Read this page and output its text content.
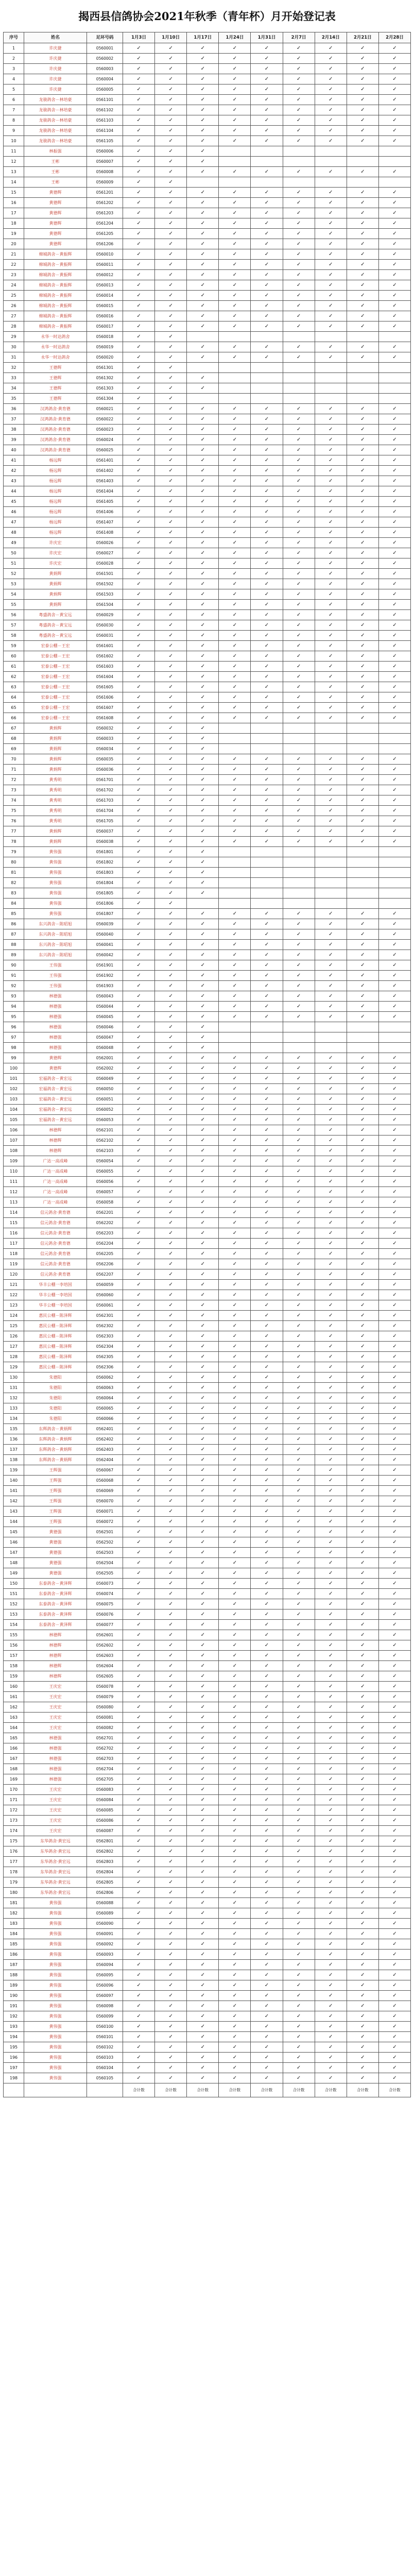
揭西县信鸽协会2021年秋季（青年杯）月开始登记表
序号	姓名	足环号码	1月3日	1月10日	1月17日	1月24日	1月31日	2月7日	2月14日	2月21日	2月28日
1	许庆捷	0560001	✓	✓	✓	✓	✓	✓	✓	✓	✓
2	许庆捷	0560002	✓	✓	✓	✓	✓	✓	✓	✓	✓
3	许庆捷	0560003	✓	✓	✓	✓	✓	✓	✓	✓	✓
4	许庆捷	0560004	✓	✓	✓	✓	✓	✓	✓	✓	✓
5	许庆捷	0560005	✓	✓	✓	✓	✓	✓	✓	✓	✓
6	龙骏鸽舍－林培豪	0561101	✓	✓	✓	✓	✓	✓	✓	✓	✓
7	龙骏鸽舍－林培豪	0561102	✓	✓	✓	✓	✓	✓	✓	✓	✓
8	龙骏鸽舍－林培豪	0561103	✓	✓	✓	✓	✓	✓	✓	✓	✓
9	龙骏鸽舍－林培豪	0561104	✓	✓	✓	✓	✓	✓	✓	✓	✓
10	龙骏鸽舍－林培豪	0561105	✓	✓	✓	✓	✓	✓	✓	✓	✓
11	林振强	0560006	✓	✓	✓						
12	王彬	0560007	✓	✓	✓						
13	王彬	0560008	✓	✓	✓	✓	✓	✓	✓	✓	✓
14	王彬	0560009	✓	✓							
15	黄德辉	0561201	✓	✓	✓	✓	✓	✓	✓	✓	✓
16	黄德辉	0561202	✓	✓	✓	✓	✓	✓	✓	✓	✓
17	黄德辉	0561203	✓	✓	✓	✓	✓	✓	✓	✓	✓
18	黄德辉	0561204	✓	✓	✓	✓	✓	✓	✓	✓	✓
19	黄德辉	0561205	✓	✓	✓	✓	✓	✓	✓	✓	✓
20	黄德辉	0561206	✓	✓	✓	✓	✓	✓	✓	✓	✓
21	棉城鸽舍－黄振辉	0560010	✓	✓	✓	✓	✓	✓	✓	✓	✓
22	棉城鸽舍－黄振辉	0560011	✓	✓	✓	✓	✓	✓	✓	✓	✓
23	棉城鸽舍－黄振辉	0560012	✓	✓	✓	✓	✓	✓	✓	✓	✓
24	棉城鸽舍－黄振辉	0560013	✓	✓	✓	✓	✓	✓	✓	✓	✓
25	棉城鸽舍－黄振辉	0560014	✓	✓	✓	✓	✓	✓	✓	✓	✓
26	棉城鸽舍－黄振辉	0560015	✓	✓	✓	✓	✓	✓	✓	✓	✓
27	棉城鸽舍－黄振辉	0560016	✓	✓	✓	✓	✓	✓	✓	✓	✓
28	棉城鸽舍－黄振辉	0560017	✓	✓	✓	✓	✓	✓	✓	✓	✓
29	永华一时达鸽舍	0560018	✓	✓							
30	永华一时达鸽舍	0560019	✓	✓	✓	✓	✓	✓	✓	✓	✓
31	永华一时达鸽舍	0560020	✓	✓	✓	✓	✓	✓	✓	✓	✓
32	王德辉	0561301	✓	✓							
33	王德辉	0561302	✓	✓	✓						
34	王德辉	0561303	✓	✓	✓						
35	王德辉	0561304	✓	✓							
36	汉鸿鸽舍·黄育德	0560021	✓	✓	✓	✓	✓	✓	✓	✓	✓
37	汉鸿鸽舍·黄育德	0560022	✓	✓	✓	✓	✓	✓	✓	✓	✓
38	汉鸿鸽舍·黄育德	0560023	✓	✓	✓	✓	✓	✓	✓	✓	✓
39	汉鸿鸽舍·黄育德	0560024	✓	✓	✓	✓	✓	✓	✓	✓	✓
40	汉鸿鸽舍·黄育德	0560025	✓	✓	✓	✓	✓	✓	✓	✓	✓
41	杨远辉	0561401	✓	✓	✓	✓	✓	✓	✓	✓	✓
42	杨远辉	0561402	✓	✓	✓	✓	✓	✓	✓	✓	✓
43	杨远辉	0561403	✓	✓	✓	✓	✓	✓	✓	✓	✓
44	杨远辉	0561404	✓	✓	✓	✓	✓	✓	✓	✓	✓
45	杨远辉	0561405	✓	✓	✓	✓	✓	✓	✓	✓	✓
46	杨远辉	0561406	✓	✓	✓	✓	✓	✓	✓	✓	✓
47	杨远辉	0561407	✓	✓	✓	✓	✓	✓	✓	✓	✓
48	杨远辉	0561408	✓	✓	✓	✓	✓	✓	✓	✓	✓
49	许庆宏	0560026	✓	✓	✓	✓	✓	✓	✓	✓	✓
50	许庆宏	0560027	✓	✓	✓	✓	✓	✓	✓	✓	✓
51	许庆宏	0560028	✓	✓	✓	✓	✓	✓	✓	✓	✓
52	黄炳辉	0561501	✓	✓	✓	✓	✓	✓	✓	✓	✓
53	黄炳辉	0561502	✓	✓	✓	✓	✓	✓	✓	✓	✓
54	黄炳辉	0561503	✓	✓	✓	✓	✓	✓	✓	✓	✓
55	黄炳辉	0561504	✓	✓	✓	✓	✓	✓	✓	✓	✓
56	粤盛鸽舍－黄宝远	0560029	✓	✓	✓	✓	✓	✓	✓	✓	✓
57	粤盛鸽舍－黄宝远	0560030	✓	✓	✓	✓	✓	✓	✓	✓	✓
58	粤盛鸽舍－黄宝远	0560031	✓	✓	✓	✓	✓	✓	✓	✓	✓
59	宏泰公棚－王宏	0561601	✓	✓	✓	✓	✓	✓	✓	✓	✓
60	宏泰公棚－王宏	0561602	✓	✓	✓	✓	✓	✓	✓	✓	✓
61	宏泰公棚－王宏	0561603	✓	✓	✓	✓	✓	✓	✓	✓	✓
62	宏泰公棚－王宏	0561604	✓	✓	✓	✓	✓	✓	✓	✓	✓
63	宏泰公棚－王宏	0561605	✓	✓	✓	✓	✓	✓	✓	✓	✓
64	宏泰公棚－王宏	0561606	✓	✓	✓	✓	✓	✓	✓	✓	✓
65	宏泰公棚－王宏	0561607	✓	✓	✓	✓	✓	✓	✓	✓	✓
66	宏泰公棚－王宏	0561608	✓	✓	✓	✓	✓	✓	✓	✓	✓
67	黄炳辉	0560032	✓	✓	✓						
68	黄炳辉	0560033	✓	✓	✓						
69	黄炳辉	0560034	✓	✓	✓						
70	黄炳辉	0560035	✓	✓	✓	✓	✓	✓	✓	✓	✓
71	黄炳辉	0560036	✓	✓	✓	✓	✓	✓	✓	✓	✓
72	黄秀明	0561701	✓	✓	✓	✓	✓	✓	✓	✓	✓
73	黄秀明	0561702	✓	✓	✓	✓	✓	✓	✓	✓	✓
74	黄秀明	0561703	✓	✓	✓	✓	✓	✓	✓	✓	✓
75	黄秀明	0561704	✓	✓	✓	✓	✓	✓	✓	✓	✓
76	黄秀明	0561705	✓	✓	✓	✓	✓	✓	✓	✓	✓
77	黄炳辉	0560037	✓	✓	✓	✓	✓	✓	✓	✓	✓
78	黄炳辉	0560038	✓	✓	✓	✓	✓	✓	✓	✓	✓
79	黄伟强	0561801	✓	✓	✓						
80	黄伟强	0561802	✓	✓	✓						
81	黄伟强	0561803	✓	✓	✓						
82	黄伟强	0561804	✓	✓	✓						
83	黄伟强	0561805	✓	✓	✓						
84	黄伟强	0561806	✓	✓							
85	黄伟强	0561807	✓	✓	✓	✓	✓	✓	✓	✓	✓
86	东兴鸽舍－陈昭旭	0560039	✓	✓	✓	✓	✓	✓	✓	✓	✓
87	东兴鸽舍－陈昭旭	0560040	✓	✓	✓	✓	✓	✓	✓	✓	✓
88	东兴鸽舍－陈昭旭	0560041	✓	✓	✓	✓	✓	✓	✓	✓	✓
89	东兴鸽舍－陈昭旭	0560042	✓	✓	✓	✓	✓	✓	✓	✓	✓
90	王伟强	0561901	✓	✓	✓	✓	✓	✓	✓	✓	✓
91	王伟强	0561902	✓	✓	✓	✓	✓	✓	✓	✓	✓
92	王伟强	0561903	✓	✓	✓	✓	✓	✓	✓	✓	✓
93	林德强	0560043	✓	✓	✓	✓	✓	✓	✓	✓	✓
94	林德强	0560044	✓	✓	✓	✓	✓	✓	✓	✓	✓
95	林德强	0560045	✓	✓	✓	✓	✓	✓	✓	✓	✓
96	林德强	0560046	✓	✓	✓						
97	林德强	0560047	✓	✓	✓						
98	林德强	0560048	✓	✓	✓						
99	黄德辉	0562001	✓	✓	✓	✓	✓	✓	✓	✓	✓
100	黄德辉	0562002	✓	✓	✓	✓	✓	✓	✓	✓	✓
101	宏福鸽舍－黄宏远	0560049	✓	✓	✓	✓	✓	✓	✓	✓	✓
102	宏福鸽舍－黄宏远	0560050	✓	✓	✓	✓	✓	✓	✓	✓	✓
103	宏福鸽舍－黄宏远	0560051	✓	✓	✓	✓	✓	✓	✓	✓	✓
104	宏福鸽舍－黄宏远	0560052	✓	✓	✓	✓	✓	✓	✓	✓	✓
105	宏福鸽舍－黄宏远	0560053	✓	✓	✓	✓	✓	✓	✓	✓	✓
106	林德辉	0562101	✓	✓	✓	✓	✓	✓	✓	✓	✓
107	林德辉	0562102	✓	✓	✓	✓	✓	✓	✓	✓	✓
108	林德辉	0562103	✓	✓	✓	✓	✓	✓	✓	✓	✓
109	广达一高成峰	0560054	✓	✓	✓	✓	✓	✓	✓	✓	✓
110	广达一高成峰	0560055	✓	✓	✓	✓	✓	✓	✓	✓	✓
111	广达一高成峰	0560056	✓	✓	✓	✓	✓	✓	✓	✓	✓
112	广达一高成峰	0560057	✓	✓	✓	✓	✓	✓	✓	✓	✓
113	广达一高成峰	0560058	✓	✓	✓	✓	✓	✓	✓	✓	✓
114	信元鸽舍·黄育德	0562201	✓	✓	✓	✓	✓	✓	✓	✓	✓
115	信元鸽舍·黄育德	0562202	✓	✓	✓	✓	✓	✓	✓	✓	✓
116	信元鸽舍·黄育德	0562203	✓	✓	✓	✓	✓	✓	✓	✓	✓
117	信元鸽舍·黄育德	0562204	✓	✓	✓	✓	✓	✓	✓	✓	✓
118	信元鸽舍·黄育德	0562205	✓	✓	✓	✓	✓	✓	✓	✓	✓
119	信元鸽舍·黄育德	0562206	✓	✓	✓	✓	✓	✓	✓	✓	✓
120	信元鸽舍·黄育德	0562207	✓	✓	✓	✓	✓	✓	✓	✓	✓
121	华丰公棚一李培国	0560059	✓	✓	✓	✓	✓	✓	✓	✓	✓
122	华丰公棚一李培国	0560060	✓	✓	✓	✓	✓	✓	✓	✓	✓
123	华丰公棚一李培国	0560061	✓	✓	✓	✓	✓	✓	✓	✓	✓
124	惠民公棚－陈泽辉	0562301	✓	✓	✓	✓	✓	✓	✓	✓	✓
125	惠民公棚－陈泽辉	0562302	✓	✓	✓	✓	✓	✓	✓	✓	✓
126	惠民公棚－陈泽辉	0562303	✓	✓	✓	✓	✓	✓	✓	✓	✓
127	惠民公棚－陈泽辉	0562304	✓	✓	✓	✓	✓	✓	✓	✓	✓
128	惠民公棚－陈泽辉	0562305	✓	✓	✓	✓	✓	✓	✓	✓	✓
129	惠民公棚－陈泽辉	0562306	✓	✓	✓	✓	✓	✓	✓	✓	✓
130	朱德阳	0560062	✓	✓	✓	✓	✓	✓	✓	✓	✓
131	朱德阳	0560063	✓	✓	✓	✓	✓	✓	✓	✓	✓
132	朱德阳	0560064	✓	✓	✓	✓	✓	✓	✓	✓	✓
133	朱德阳	0560065	✓	✓	✓	✓	✓	✓	✓	✓	✓
134	朱德阳	0560066	✓	✓	✓	✓	✓	✓	✓	✓	✓
135	东辉鸽舍－黄炳辉	0562401	✓	✓	✓	✓	✓	✓	✓	✓	✓
136	东辉鸽舍－黄炳辉	0562402	✓	✓	✓	✓	✓	✓	✓	✓	✓
137	东辉鸽舍－黄炳辉	0562403	✓	✓	✓	✓	✓	✓	✓	✓	✓
138	东辉鸽舍－黄炳辉	0562404	✓	✓	✓	✓	✓	✓	✓	✓	✓
139	王辉强	0560067	✓	✓	✓	✓	✓	✓	✓	✓	✓
140	王辉强	0560068	✓	✓	✓	✓	✓	✓	✓	✓	✓
141	王辉强	0560069	✓	✓	✓	✓	✓	✓	✓	✓	✓
142	王辉强	0560070	✓	✓	✓	✓	✓	✓	✓	✓	✓
143	王辉强	0560071	✓	✓	✓	✓	✓	✓	✓	✓	✓
144	王辉强	0560072	✓	✓	✓	✓	✓	✓	✓	✓	✓
145	黄德强	0562501	✓	✓	✓	✓	✓	✓	✓	✓	✓
146	黄德强	0562502	✓	✓	✓	✓	✓	✓	✓	✓	✓
147	黄德强	0562503	✓	✓	✓	✓	✓	✓	✓	✓	✓
148	黄德强	0562504	✓	✓	✓	✓	✓	✓	✓	✓	✓
149	黄德强	0562505	✓	✓	✓	✓	✓	✓	✓	✓	✓
150	东泰鸽舍－黄泽辉	0560073	✓	✓	✓	✓	✓	✓	✓	✓	✓
151	东泰鸽舍－黄泽辉	0560074	✓	✓	✓	✓	✓	✓	✓	✓	✓
152	东泰鸽舍－黄泽辉	0560075	✓	✓	✓	✓	✓	✓	✓	✓	✓
153	东泰鸽舍－黄泽辉	0560076	✓	✓	✓	✓	✓	✓	✓	✓	✓
154	东泰鸽舍－黄泽辉	0560077	✓	✓	✓	✓	✓	✓	✓	✓	✓
155	林德辉	0562601	✓	✓	✓	✓	✓	✓	✓	✓	✓
156	林德辉	0562602	✓	✓	✓	✓	✓	✓	✓	✓	✓
157	林德辉	0562603	✓	✓	✓	✓	✓	✓	✓	✓	✓
158	林德辉	0562604	✓	✓	✓	✓	✓	✓	✓	✓	✓
159	林德辉	0562605	✓	✓	✓	✓	✓	✓	✓	✓	✓
160	王庆宏	0560078	✓	✓	✓	✓	✓	✓	✓	✓	✓
161	王庆宏	0560079	✓	✓	✓	✓	✓	✓	✓	✓	✓
162	王庆宏	0560080	✓	✓	✓	✓	✓	✓	✓	✓	✓
163	王庆宏	0560081	✓	✓	✓	✓	✓	✓	✓	✓	✓
164	王庆宏	0560082	✓	✓	✓	✓	✓	✓	✓	✓	✓
165	林德强	0562701	✓	✓	✓	✓	✓	✓	✓	✓	✓
166	林德强	0562702	✓	✓	✓	✓	✓	✓	✓	✓	✓
167	林德强	0562703	✓	✓	✓	✓	✓	✓	✓	✓	✓
168	林德强	0562704	✓	✓	✓	✓	✓	✓	✓	✓	✓
169	林德强	0562705	✓	✓	✓	✓	✓	✓	✓	✓	✓
170	王庆宏	0560083	✓	✓	✓	✓	✓	✓	✓	✓	✓
171	王庆宏	0560084	✓	✓	✓	✓	✓	✓	✓	✓	✓
172	王庆宏	0560085	✓	✓	✓	✓	✓	✓	✓	✓	✓
173	王庆宏	0560086	✓	✓	✓	✓	✓	✓	✓	✓	✓
174	王庆宏	0560087	✓	✓	✓	✓	✓	✓	✓	✓	✓
175	东华鸽舍·黄宏远	0562801	✓	✓	✓	✓	✓	✓	✓	✓	✓
176	东华鸽舍·黄宏远	0562802	✓	✓	✓	✓	✓	✓	✓	✓	✓
177	东华鸽舍·黄宏远	0562803	✓	✓	✓	✓	✓	✓	✓	✓	✓
178	东华鸽舍·黄宏远	0562804	✓	✓	✓	✓	✓	✓	✓	✓	✓
179	东华鸽舍·黄宏远	0562805	✓	✓	✓	✓	✓	✓	✓	✓	✓
180	东华鸽舍·黄宏远	0562806	✓	✓	✓	✓	✓	✓	✓	✓	✓
181	黄伟强	0560088	✓	✓	✓	✓	✓	✓	✓	✓	✓
182	黄伟强	0560089	✓	✓	✓	✓	✓	✓	✓	✓	✓
183	黄伟强	0560090	✓	✓	✓	✓	✓	✓	✓	✓	✓
184	黄伟强	0560091	✓	✓	✓	✓	✓	✓	✓	✓	✓
185	黄伟强	0560092	✓	✓	✓	✓	✓	✓	✓	✓	✓
186	黄伟强	0560093	✓	✓	✓	✓	✓	✓	✓	✓	✓
187	黄伟强	0560094	✓	✓	✓	✓	✓	✓	✓	✓	✓
188	黄伟强	0560095	✓	✓	✓	✓	✓	✓	✓	✓	✓
189	黄伟强	0560096	✓	✓	✓	✓	✓	✓	✓	✓	✓
190	黄伟强	0560097	✓	✓	✓	✓	✓	✓	✓	✓	✓
191	黄伟强	0560098	✓	✓	✓	✓	✓	✓	✓	✓	✓
192	黄伟强	0560099	✓	✓	✓	✓	✓	✓	✓	✓	✓
193	黄伟强	0560100	✓	✓	✓	✓	✓	✓	✓	✓	✓
194	黄伟强	0560101	✓	✓	✓	✓	✓	✓	✓	✓	✓
195	黄伟强	0560102	✓	✓	✓	✓	✓	✓	✓	✓	✓
196	黄伟强	0560103	✓	✓	✓	✓	✓	✓	✓	✓	✓
197	黄伟强	0560104	✓	✓	✓	✓	✓	✓	✓	✓	✓
198	黄伟强	0560105	✓	✓	✓	✓	✓	✓	✓	✓	✓
			合计数	合计数	合计数	合计数	合计数	合计数	合计数	合计数	合计数
